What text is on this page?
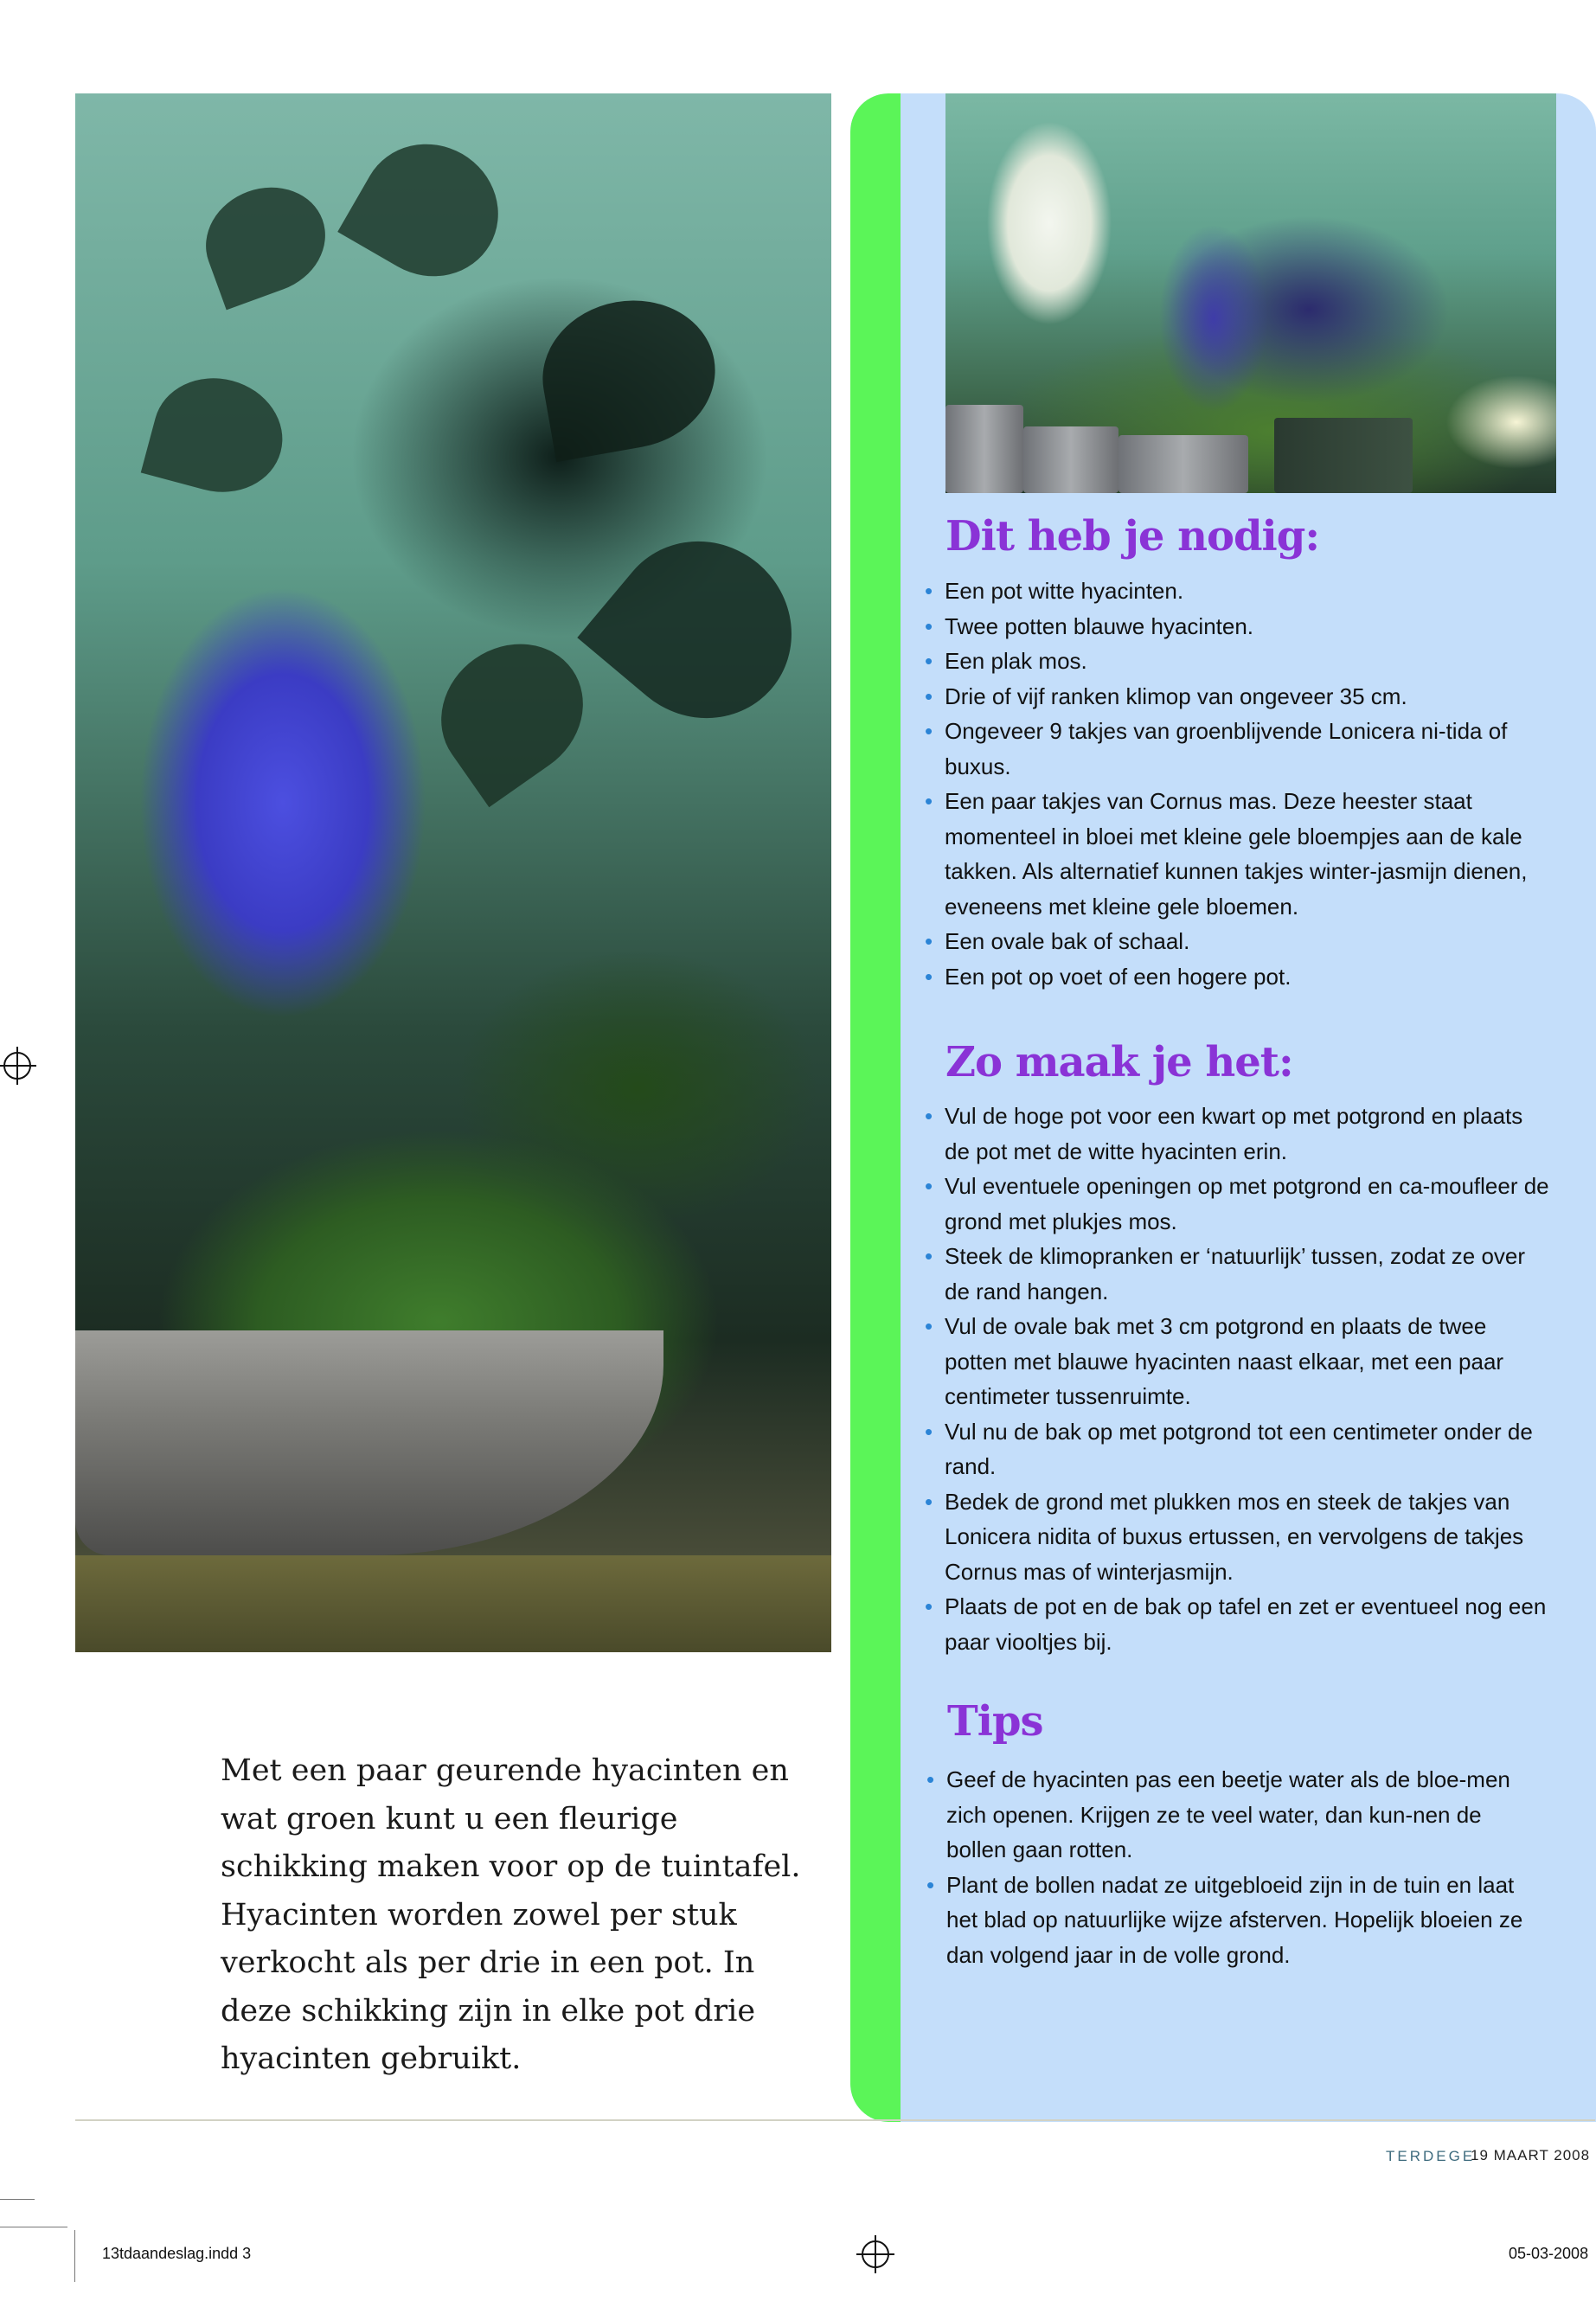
Dit heb je nodig:
• Een pot witte hyacinten.
• Twee potten blauwe hyacinten.
• Een plak mos.
• Drie of vijf ranken klimop van ongeveer 35 cm.
• Ongeveer 9 takjes van groenblijvende Lonicera ni-tida of buxus.
• Een paar takjes van Cornus mas. Deze heester staat momenteel in bloei met kleine gele bloempjes aan de kale takken. Als alternatief kunnen takjes winter-jasmijn dienen, eveneens met kleine gele bloemen.
• Een ovale bak of schaal.
• Een pot op voet of een hogere pot.
Zo maak je het:
• Vul de hoge pot voor een kwart op met potgrond en plaats de pot met de witte hyacinten erin.
• Vul eventuele openingen op met potgrond en ca-moufleer de grond met plukjes mos.
• Steek de klimopranken er ‘natuurlijk’ tussen, zodat ze over de rand hangen.
• Vul de ovale bak met 3 cm potgrond en plaats de twee potten met blauwe hyacinten naast elkaar, met een paar centimeter tussenruimte.
• Vul nu de bak op met potgrond tot een centimeter onder de rand.
• Bedek de grond met plukken mos en steek de takjes van Lonicera nidita of buxus ertussen, en vervolgens de takjes Cornus mas of winterjasmijn.
• Plaats de pot en de bak op tafel en zet er eventueel nog een paar viooltjes bij.
Tips
• Geef de hyacinten pas een beetje water als de bloe-men zich openen. Krijgen ze te veel water, dan kun-nen de bollen gaan rotten.
• Plant de bollen nadat ze uitgebloeid zijn in de tuin en laat het blad op natuurlijke wijze afsterven. Hopelijk bloeien ze dan volgend jaar in de volle grond.

Met een paar geurende hyacinten en wat groen kunt u een fleurige schikking maken voor op de tuintafel. Hyacinten worden zowel per stuk verkocht als per drie in een pot. In deze schikking zijn in elke pot drie hyacinten gebruikt.

TERDEGE
19 MAART 2008
13tdaandeslag.indd 3	05-03-2008
